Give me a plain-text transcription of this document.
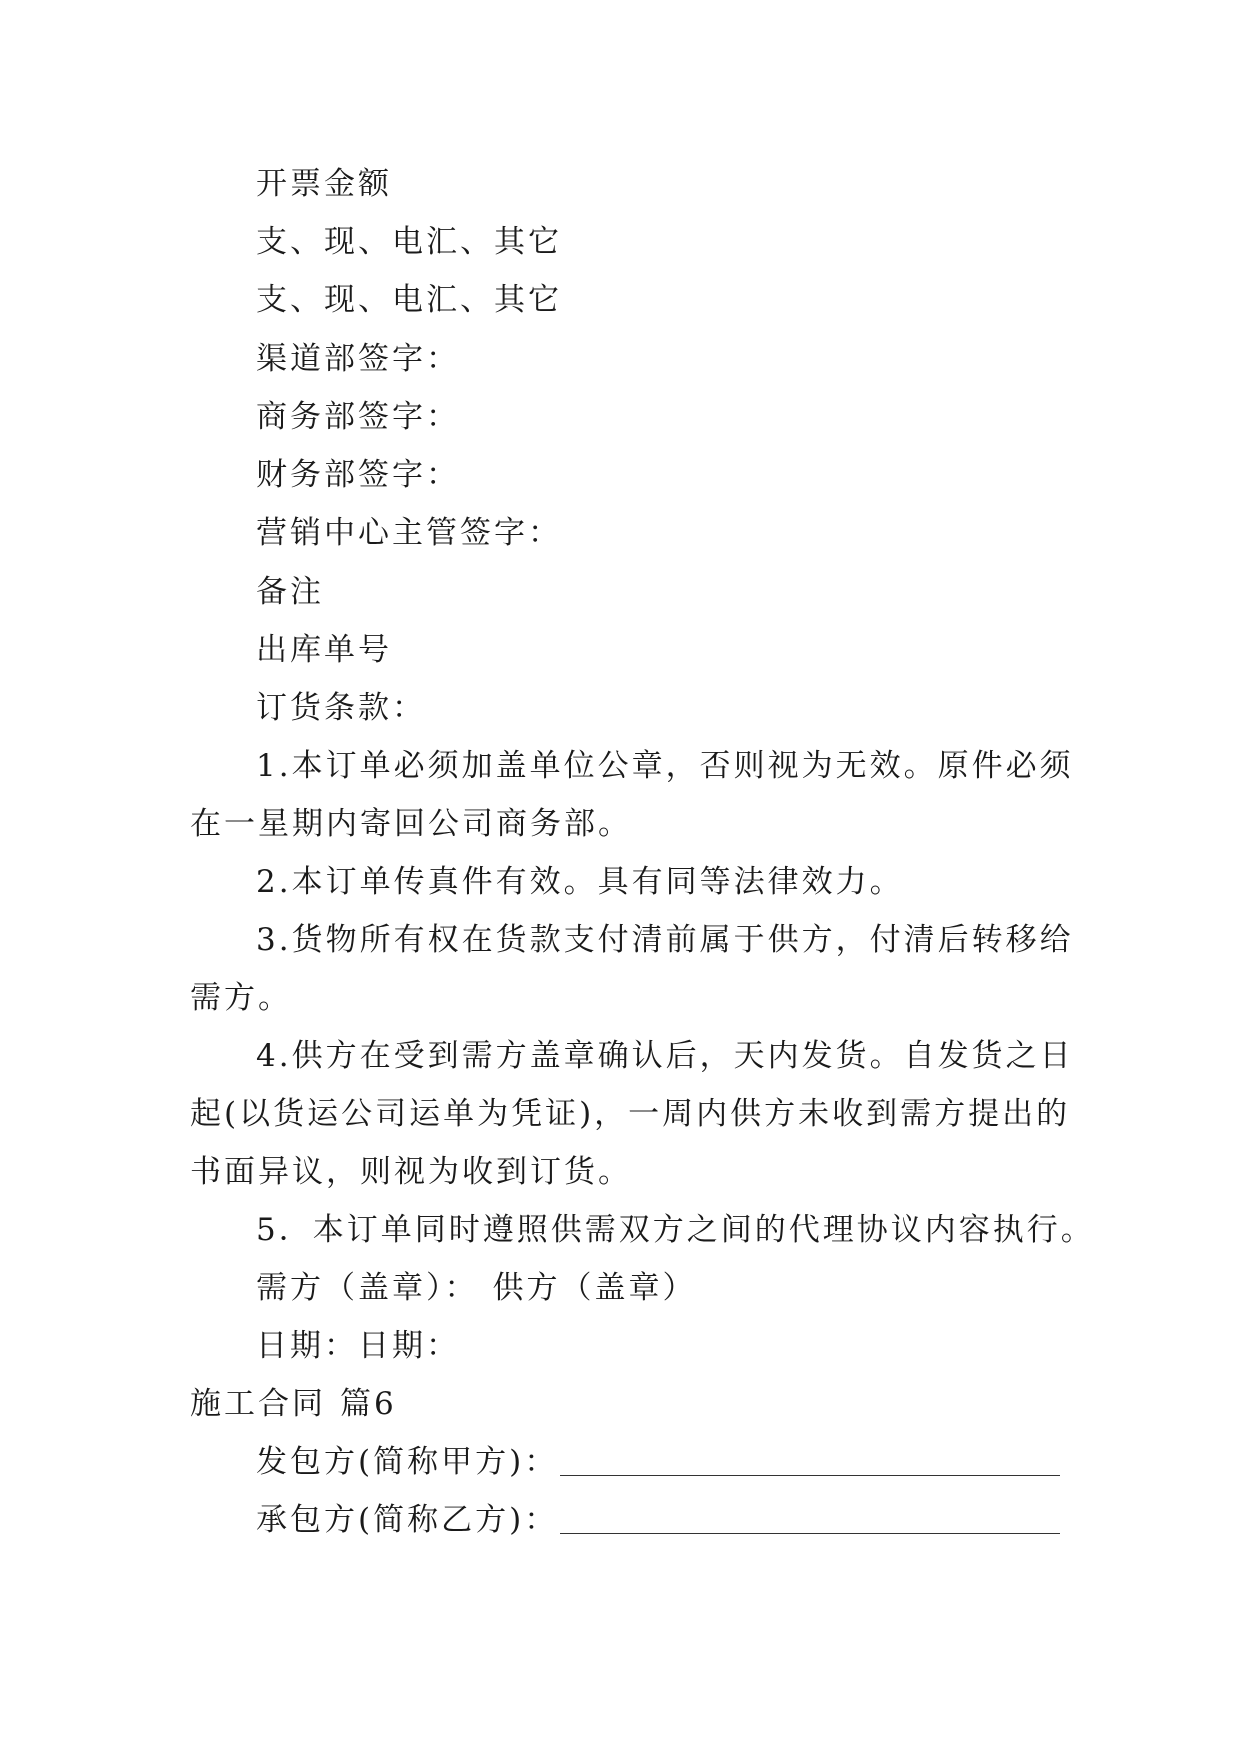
开票金额
支、现、电汇、其它
支、现、电汇、其它
渠道部签字：
商务部签字：
财务部签字：
营销中心主管签字：
备注
出库单号
订货条款：
1.本订单必须加盖单位公章，否则视为无效。原件必须
在一星期内寄回公司商务部。
2.本订单传真件有效。具有同等法律效力。
3.货物所有权在货款支付清前属于供方，付清后转移给
需方。
4.供方在受到需方盖章确认后，天内发货。自发货之日
起(以货运公司运单为凭证)，一周内供方未收到需方提出的
书面异议，则视为收到订货。
5．本订单同时遵照供需双方之间的代理协议内容执行。
需方（盖章）： 供方（盖章）
日期：日期：
施工合同 篇6
发包方(简称甲方)：
承包方(简称乙方)：
